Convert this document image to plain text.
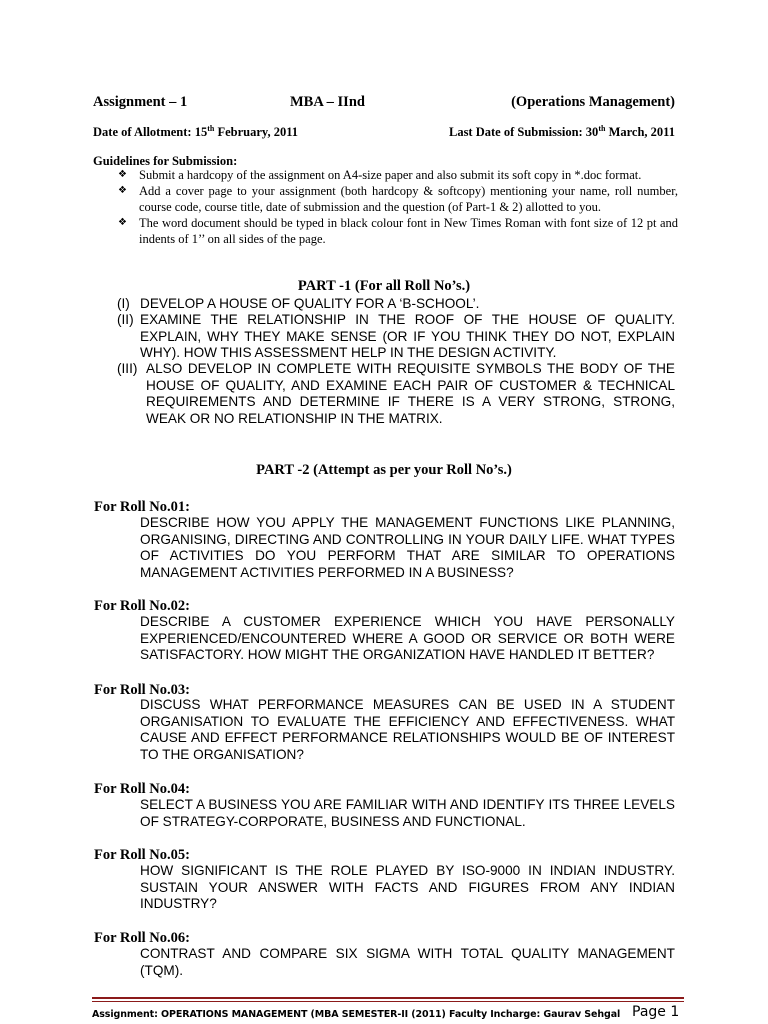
Assignment – 1	MBA – IInd	(Operations Management)
Date of Allotment: 15th February, 2011	Last Date of Submission: 30th March, 2011
Guidelines for Submission:
❖ Submit a hardcopy of the assignment on A4-size paper and also submit its soft copy in *.doc format.
❖ Add a cover page to your assignment (both hardcopy & softcopy) mentioning your name, roll number, course code, course title, date of submission and the question (of Part-1 & 2) allotted to you.
❖ The word document should be typed in black colour font in New Times Roman with font size of 12 pt and indents of 1’’ on all sides of the page.
PART -1 (For all Roll No’s.)
(I) DEVELOP A HOUSE OF QUALITY FOR A ‘B-SCHOOL’.
(II) EXAMINE THE RELATIONSHIP IN THE ROOF OF THE HOUSE OF QUALITY. EXPLAIN, WHY THEY MAKE SENSE (OR IF YOU THINK THEY DO NOT, EXPLAIN WHY). HOW THIS ASSESSMENT HELP IN THE DESIGN ACTIVITY.
(III) ALSO DEVELOP IN COMPLETE WITH REQUISITE SYMBOLS THE BODY OF THE HOUSE OF QUALITY, AND EXAMINE EACH PAIR OF CUSTOMER & TECHNICAL REQUIREMENTS AND DETERMINE IF THERE IS A VERY STRONG, STRONG, WEAK OR NO RELATIONSHIP IN THE MATRIX.
PART -2 (Attempt as per your Roll No’s.)
For Roll No.01:
DESCRIBE HOW YOU APPLY THE MANAGEMENT FUNCTIONS LIKE PLANNING, ORGANISING, DIRECTING AND CONTROLLING IN YOUR DAILY LIFE. WHAT TYPES OF ACTIVITIES DO YOU PERFORM THAT ARE SIMILAR TO OPERATIONS MANAGEMENT ACTIVITIES PERFORMED IN A BUSINESS?
For Roll No.02:
DESCRIBE A CUSTOMER EXPERIENCE WHICH YOU HAVE PERSONALLY EXPERIENCED/ENCOUNTERED WHERE A GOOD OR SERVICE OR BOTH WERE SATISFACTORY. HOW MIGHT THE ORGANIZATION HAVE HANDLED IT BETTER?
For Roll No.03:
DISCUSS WHAT PERFORMANCE MEASURES CAN BE USED IN A STUDENT ORGANISATION TO EVALUATE THE EFFICIENCY AND EFFECTIVENESS. WHAT CAUSE AND EFFECT PERFORMANCE RELATIONSHIPS WOULD BE OF INTEREST TO THE ORGANISATION?
For Roll No.04:
SELECT A BUSINESS YOU ARE FAMILIAR WITH AND IDENTIFY ITS THREE LEVELS OF STRATEGY-CORPORATE, BUSINESS AND FUNCTIONAL.
For Roll No.05:
HOW SIGNIFICANT IS THE ROLE PLAYED BY ISO-9000 IN INDIAN INDUSTRY. SUSTAIN YOUR ANSWER WITH FACTS AND FIGURES FROM ANY INDIAN INDUSTRY?
For Roll No.06:
CONTRAST AND COMPARE SIX SIGMA WITH TOTAL QUALITY MANAGEMENT (TQM).
Assignment: OPERATIONS MANAGEMENT (MBA SEMESTER-II (2011) Faculty Incharge: Gaurav Sehgal Page 1
